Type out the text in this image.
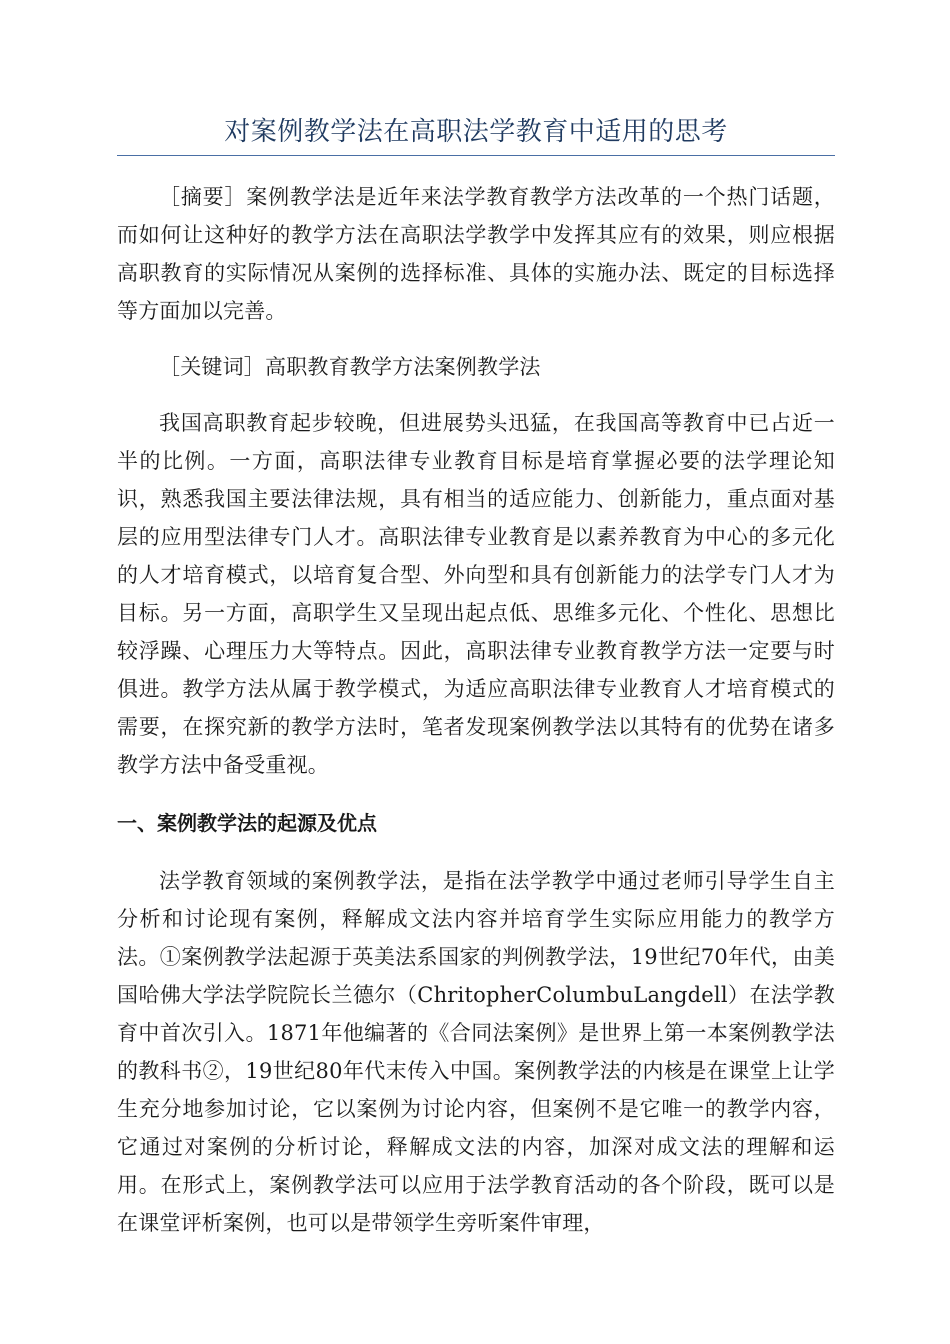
对案例教学法在高职法学教育中适用的思考

［摘要］案例教学法是近年来法学教育教学方法改革的一个热门话题，而如何让这种好的教学方法在高职法学教学中发挥其应有的效果，则应根据高职教育的实际情况从案例的选择标准、具体的实施办法、既定的目标选择等方面加以完善。

［关键词］高职教育教学方法案例教学法

我国高职教育起步较晚，但进展势头迅猛，在我国高等教育中已占近一半的比例。一方面，高职法律专业教育目标是培育掌握必要的法学理论知识，熟悉我国主要法律法规，具有相当的适应能力、创新能力，重点面对基层的应用型法律专门人才。高职法律专业教育是以素养教育为中心的多元化的人才培育模式，以培育复合型、外向型和具有创新能力的法学专门人才为目标。另一方面，高职学生又呈现出起点低、思维多元化、个性化、思想比较浮躁、心理压力大等特点。因此，高职法律专业教育教学方法一定要与时俱进。教学方法从属于教学模式，为适应高职法律专业教育人才培育模式的需要，在探究新的教学方法时，笔者发现案例教学法以其特有的优势在诸多教学方法中备受重视。

一、案例教学法的起源及优点

法学教育领域的案例教学法，是指在法学教学中通过老师引导学生自主分析和讨论现有案例，释解成文法内容并培育学生实际应用能力的教学方法。①案例教学法起源于英美法系国家的判例教学法，19世纪70年代，由美国哈佛大学法学院院长兰德尔（ChritopherColumbuLangdell）在法学教育中首次引入。1871年他编著的《合同法案例》是世界上第一本案例教学法的教科书②，19世纪80年代末传入中国。案例教学法的内核是在课堂上让学生充分地参加讨论，它以案例为讨论内容，但案例不是它唯一的教学内容，它通过对案例的分析讨论，释解成文法的内容，加深对成文法的理解和运用。在形式上，案例教学法可以应用于法学教育活动的各个阶段，既可以是在课堂评析案例，也可以是带领学生旁听案件审理，
